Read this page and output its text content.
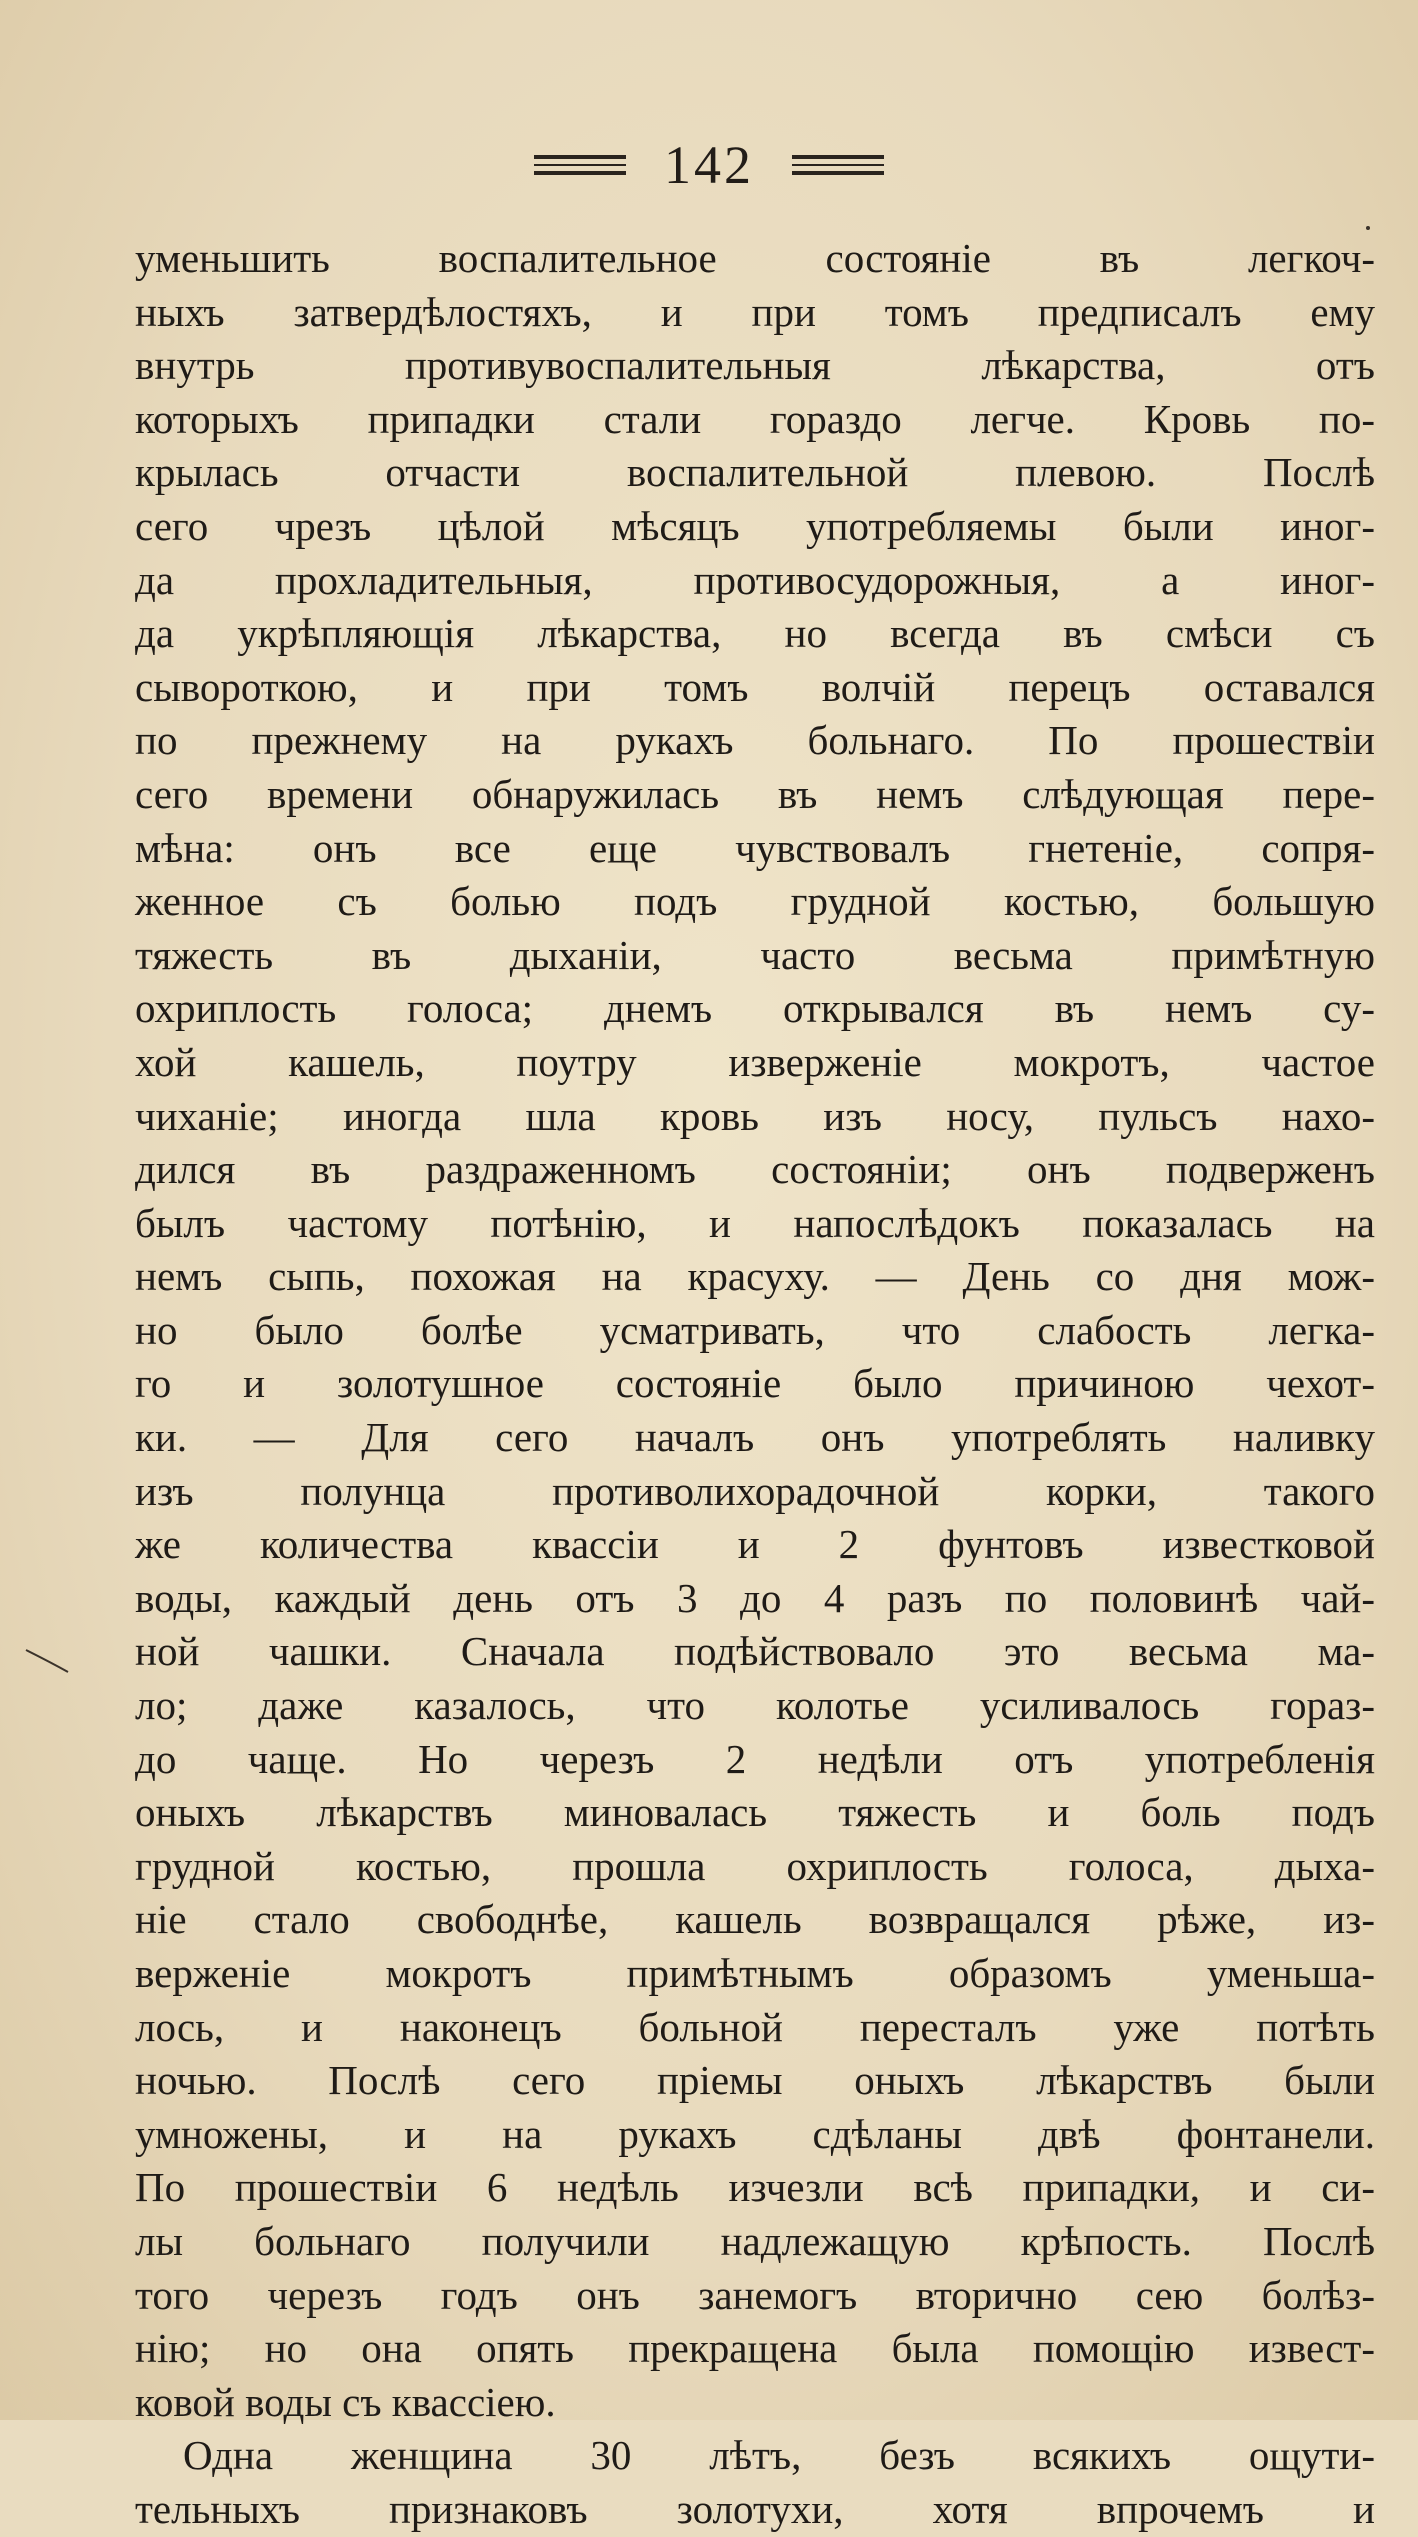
142
уменьшить воспалительное состояніе въ легкоч-
ныхъ затвердѣлостяхъ, и при томъ предписалъ ему
внутрь противувоспалительныя лѣкарства, отъ
которыхъ припадки стали гораздо легче. Кровь по-
крылась отчасти воспалительной плевою. Послѣ
сего чрезъ цѣлой мѣсяцъ употребляемы были иног-
да прохладительныя, противосудорожныя, а иног-
да укрѣпляющія лѣкарства, но всегда въ смѣси съ
сывороткою, и при томъ волчій перецъ оставался
по прежнему на рукахъ больнаго. По прошествіи
сего времени обнаружилась въ немъ слѣдующая пере-
мѣна: онъ все еще чувствовалъ гнетеніе, сопря-
женное съ болью подъ грудной костью, большую
тяжесть въ дыханіи, часто весьма примѣтную
охриплость голоса; днемъ открывался въ немъ су-
хой кашель, поутру изверженіе мокротъ, частое
чиханіе; иногда шла кровь изъ носу, пульсъ нахо-
дился въ раздраженномъ состояніи; онъ подверженъ
былъ частому потѣнію, и напослѣдокъ показалась на
немъ сыпь, похожая на красуху. — День со дня мож-
но было болѣе усматривать, что слабость легка-
го и золотушное состояніе было причиною чехот-
ки. — Для сего началъ онъ употреблять наливку
изъ полунца противолихорадочной корки, такого
же количества квассіи и 2 фунтовъ известковой
воды, каждый день отъ 3 до 4 разъ по половинѣ чай-
ной чашки. Сначала подѣйствовало это весьма ма-
ло; даже казалось, что колотье усиливалось гораз-
до чаще. Но черезъ 2 недѣли отъ употребленія
оныхъ лѣкарствъ миновалась тяжесть и боль подъ
грудной костью, прошла охриплость голоса, дыха-
ніе стало свободнѣе, кашель возвращался рѣже, из-
верженіе мокротъ примѣтнымъ образомъ уменьша-
лось, и наконецъ больной пересталъ уже потѣть
ночью. Послѣ сего пріемы оныхъ лѣкарствъ были
умножены, и на рукахъ сдѣланы двѣ фонтанели.
По прошествіи 6 недѣль изчезли всѣ припадки, и си-
лы больнаго получили надлежащую крѣпость. Послѣ
того черезъ годъ онъ занемогъ вторично сею болѣз-
нію; но она опять прекращена была помощію извест-
ковой воды съ квассіею.
Одна женщина 30 лѣтъ, безъ всякихъ ощути-
тельныхъ признаковъ золотухи, хотя впрочемъ и
